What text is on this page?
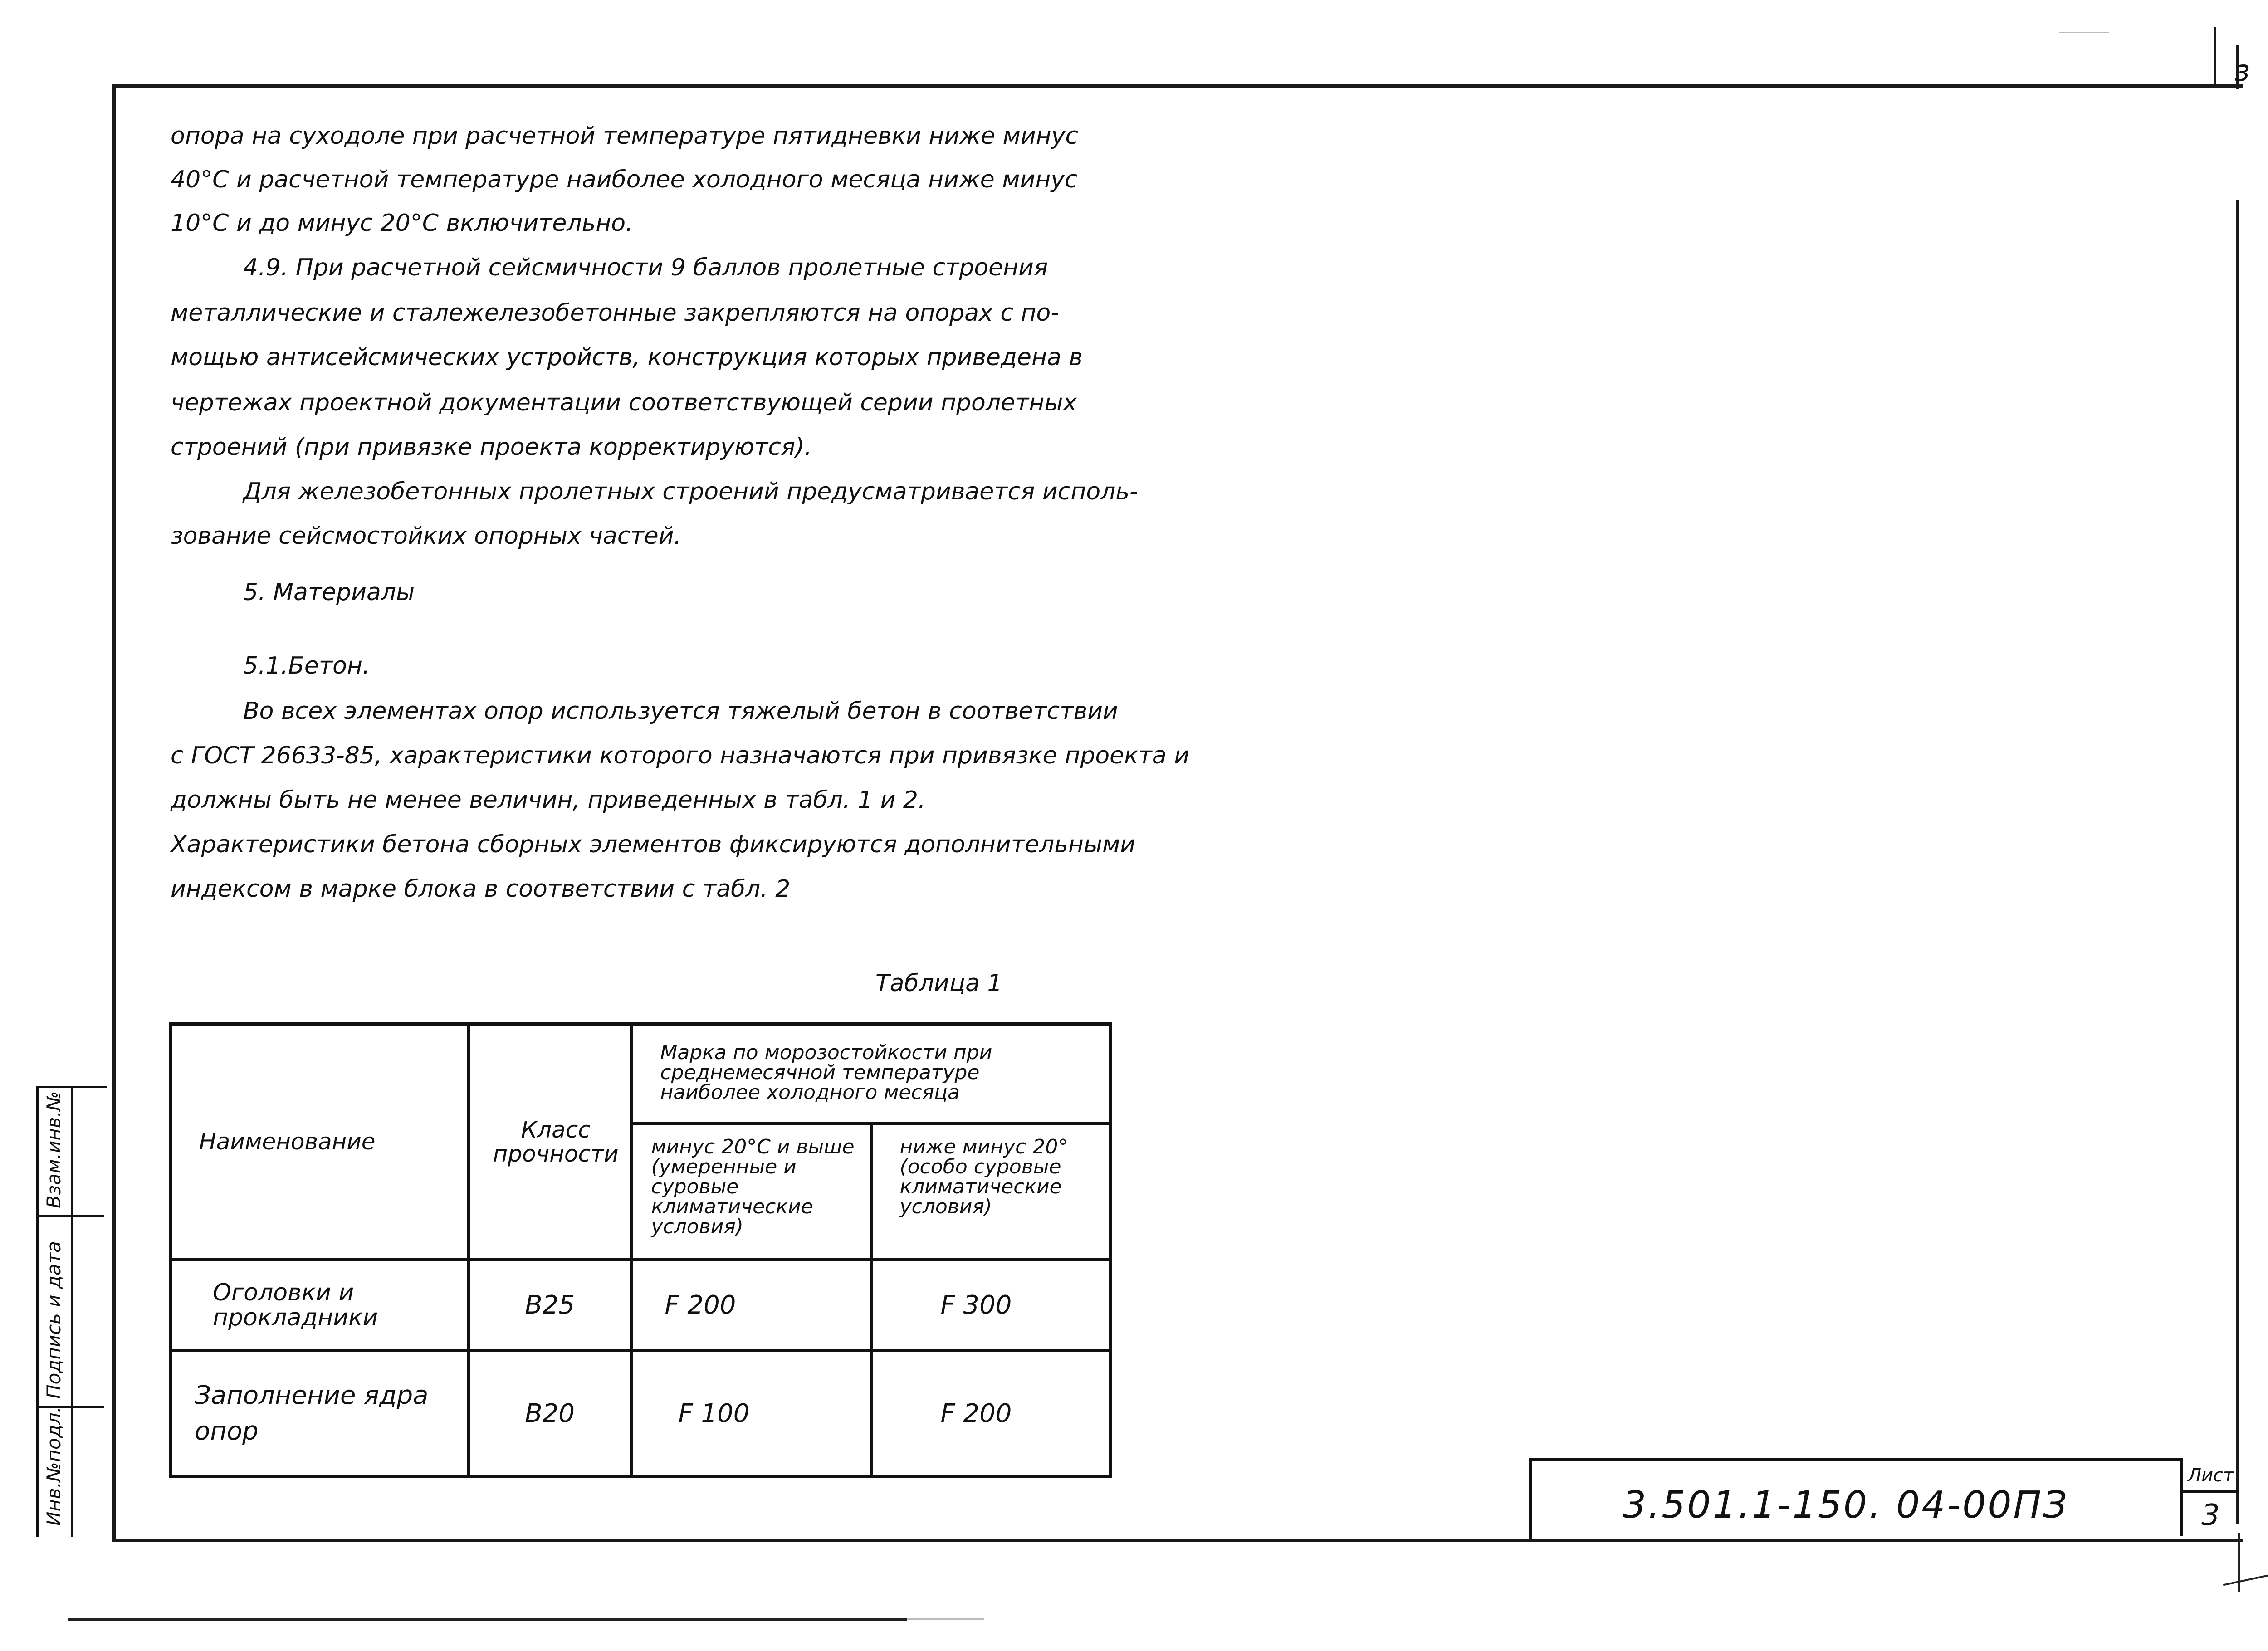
з
опора на суходоле при расчетной температуре пятидневки ниже минус
40°C и расчетной температуре наиболее холодного месяца ниже минус
10°C и до минус 20°C включительно.
4.9. При расчетной сейсмичности 9 баллов пролетные строения
металлические и сталежелезобетонные закрепляются на опорах с по-
мощью антисейсмических устройств, конструкция которых приведена в
чертежах проектной документации соответствующей серии пролетных
строений (при привязке проекта корректируются).
Для железобетонных пролетных строений предусматривается исполь-
зование сейсмостойких опорных частей.
5. Материалы
5.1.Бетон.
Во всех элементах опор используется тяжелый бетон в соответствии
с ГОСТ 26633-85, характеристики которого назначаются при привязке проекта и
должны быть не менее величин, приведенных в табл. 1 и 2.
Характеристики бетона сборных элементов фиксируются дополнительными
индексом в марке блока в соответствии с табл. 2
Таблица 1
Наименование	Класс прочности	Марка по морозостойкости при среднемесячной температуре наиболее холодного месяца	

		минус 20°C и выше (умеренные и суровые климатические условия)	ниже минус 20° (особо суровые климатические условия)

Оголовки и прокладники	B25	F 200	F 300

Заполнение ядра опор	B20	F 100	F 200
3.501.1-150. 04-00ПЗ
Лист
3
Взам.инв.№
Подпись и дата
Инв.№подл.
